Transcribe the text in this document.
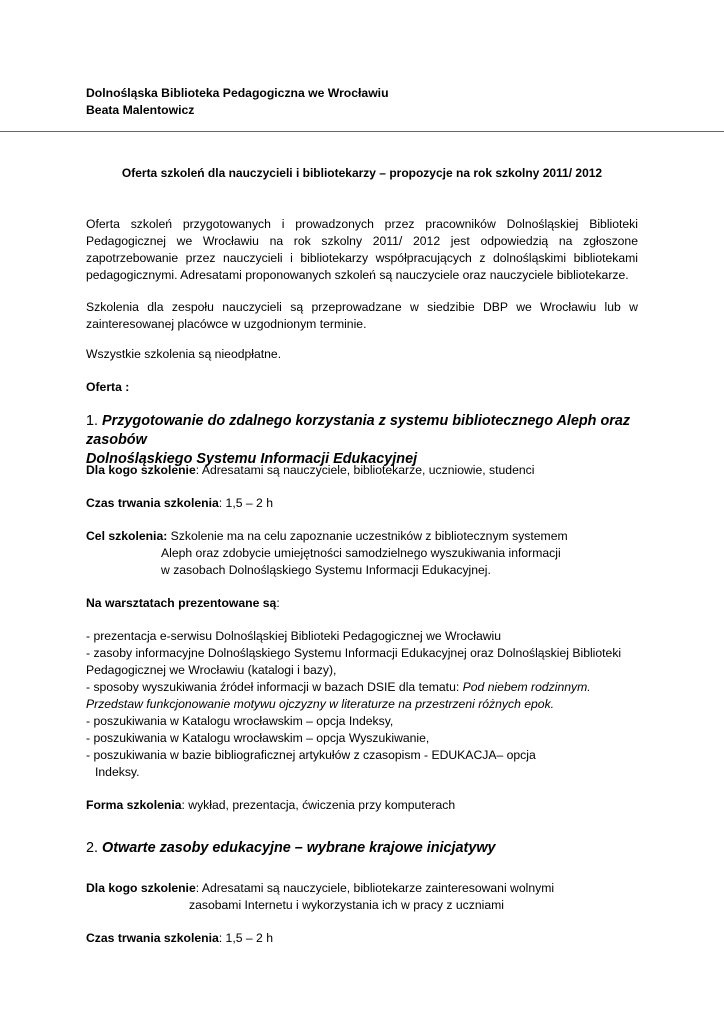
Dolnośląska Biblioteka Pedagogiczna we Wrocławiu
Beata Malentowicz
Oferta szkoleń dla nauczycieli i bibliotekarzy – propozycje na rok szkolny 2011/ 2012
Oferta szkoleń przygotowanych i prowadzonych przez pracowników Dolnośląskiej Biblioteki
Pedagogicznej we Wrocławiu na rok szkolny 2011/ 2012 jest odpowiedzią na zgłoszone
zapotrzebowanie przez nauczycieli i bibliotekarzy współpracujących z dolnośląskimi bibliotekami
pedagogicznymi. Adresatami proponowanych szkoleń są nauczyciele oraz nauczyciele bibliotekarze.
Szkolenia dla zespołu nauczycieli są przeprowadzane w siedzibie DBP we Wrocławiu lub w
zainteresowanej placówce w uzgodnionym terminie.
Wszystkie szkolenia są nieodpłatne.
Oferta :
1. Przygotowanie do zdalnego korzystania z systemu bibliotecznego Aleph oraz zasobów
Dolnośląskiego Systemu Informacji Edukacyjnej
Dla kogo szkolenie: Adresatami są nauczyciele, bibliotekarze, uczniowie, studenci
Czas trwania szkolenia: 1,5 – 2 h
Cel szkolenia: Szkolenie ma na celu zapoznanie uczestników z bibliotecznym systemem
Aleph oraz zdobycie umiejętności samodzielnego wyszukiwania informacji
w zasobach Dolnośląskiego Systemu Informacji Edukacyjnej.
Na warsztatach prezentowane są:
- prezentacja e-serwisu Dolnośląskiej Biblioteki Pedagogicznej we Wrocławiu
- zasoby informacyjne Dolnośląskiego Systemu Informacji Edukacyjnej oraz Dolnośląskiej Biblioteki
Pedagogicznej we Wrocławiu (katalogi i bazy),
- sposoby wyszukiwania źródeł informacji w bazach DSIE dla tematu: Pod niebem rodzinnym.
Przedstaw funkcjonowanie motywu ojczyzny w literaturze na przestrzeni różnych epok.
- poszukiwania w Katalogu wrocławskim – opcja Indeksy,
- poszukiwania w Katalogu wrocławskim – opcja Wyszukiwanie,
- poszukiwania w bazie bibliograficznej artykułów z czasopism - EDUKACJA– opcja
Indeksy.
Forma szkolenia: wykład, prezentacja, ćwiczenia przy komputerach
2. Otwarte zasoby edukacyjne – wybrane krajowe inicjatywy
Dla kogo szkolenie: Adresatami są nauczyciele, bibliotekarze zainteresowani wolnymi
zasobami Internetu i wykorzystania ich w pracy z uczniami
Czas trwania szkolenia: 1,5 – 2 h
